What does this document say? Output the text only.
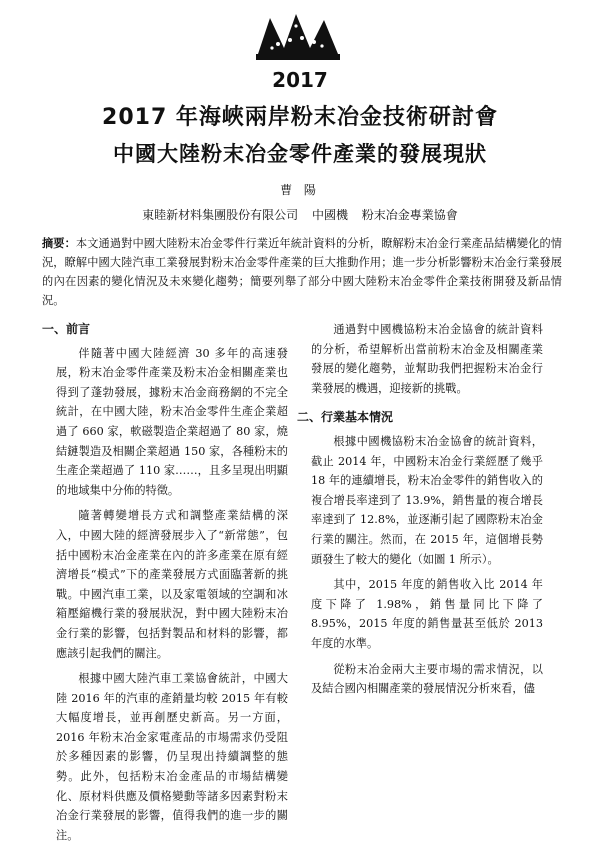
2017
2017 年海峽兩岸粉末冶金技術研討會
中國大陸粉末冶金零件產業的發展現狀
曹 陽
東睦新材料集團股份有限公司 中國機 粉末冶金專業協會
摘要：本文通過對中國大陸粉末冶金零件行業近年統計資料的分析，瞭解粉末冶金行業產品結構變化的情況，瞭解中國大陸汽車工業發展對粉末冶金零件產業的巨大推動作用；進一步分析影響粉末冶金行業發展的內在因素的變化情況及未來變化趨勢；簡要列舉了部分中國大陸粉末冶金零件企業技術開發及新品情況。
一、前言

伴隨著中國大陸經濟 30 多年的高速發展，粉末冶金零件產業及粉末冶金相關產業也得到了蓬勃發展，據粉末冶金商務網的不完全統計，在中國大陸，粉末冶金零件生產企業超過了 660 家，軟磁製造企業超過了 80 家，燒結鏈製造及相關企業超過 150 家，各種粉末的生產企業超過了 110 家……，且多呈現出明顯的地域集中分佈的特徵。

隨著轉變增長方式和調整產業結構的深入，中國大陸的經濟發展步入了“新常態”，包括中國粉末冶金產業在內的許多產業在原有經濟增長“模式”下的產業發展方式面臨著新的挑戰。中國汽車工業，以及家電領域的空調和冰箱壓縮機行業的發展狀況，對中國大陸粉末冶金行業的影響，包括對製品和材料的影響，都應該引起我們的關注。

根據中國大陸汽車工業協會統計，中國大陸 2016 年的汽車的產銷量均較 2015 年有較大幅度增長，並再創歷史新高。另一方面，2016 年粉末冶金家電產品的市場需求仍受阻於多種因素的影響，仍呈現出持續調整的態勢。此外，包括粉末冶金產品的市場結構變化、原材料供應及價格變動等諸多因素對粉末冶金行業發展的影響，值得我們的進一步的關注。

通過對中國機協粉末冶金協會的統計資料的分析，希望解析出當前粉末冶金及相關產業發展的變化趨勢，並幫助我們把握粉末冶金行業發展的機遇，迎接新的挑戰。

二、行業基本情況

根據中國機協粉末冶金協會的統計資料，截止 2014 年，中國粉末冶金行業經歷了幾乎 18 年的連續增長，粉末冶金零件的銷售收入的複合增長率達到了 13.9%，銷售量的複合增長率達到了 12.8%，並逐漸引起了國際粉末冶金行業的關注。然而，在 2015 年，這個增長勢頭發生了較大的變化（如圖 1 所示）。

其中，2015 年度的銷售收入比 2014 年度下降了 1.98%，銷售量同比下降了 8.95%，2015 年度的銷售量甚至低於 2013 年度的水準。

從粉末冶金兩大主要市場的需求情況，以及結合國內相關產業的發展情況分析來看，儘
